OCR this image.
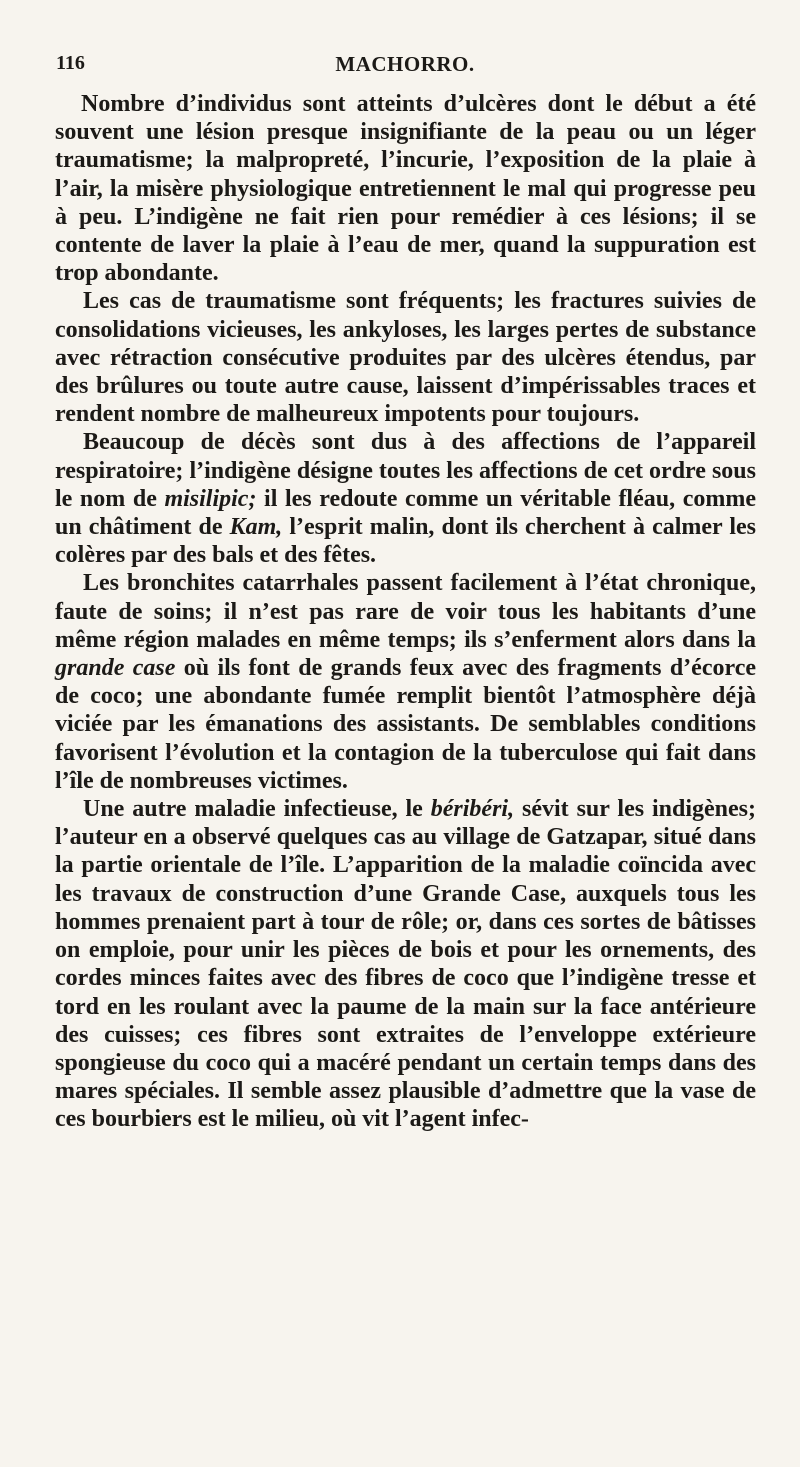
116	MACHORRO.

Nombre d’individus sont atteints d’ulcères dont le début a été souvent une lésion presque insignifiante de la peau ou un léger traumatisme; la malpropreté, l’incurie, l’exposition de la plaie à l’air, la misère physiologique entretiennent le mal qui progresse peu à peu. L’indigène ne fait rien pour remédier à ces lésions; il se contente de laver la plaie à l’eau de mer, quand la suppuration est trop abondante.

Les cas de traumatisme sont fréquents; les fractures suivies de consolidations vicieuses, les ankyloses, les larges pertes de substance avec rétraction consécutive produites par des ulcères étendus, par des brûlures ou toute autre cause, laissent d’impérissables traces et rendent nombre de malheureux impotents pour toujours.

Beaucoup de décès sont dus à des affections de l’appareil respiratoire; l’indigène désigne toutes les affections de cet ordre sous le nom de misilipic; il les redoute comme un véritable fléau, comme un châtiment de Kam, l’esprit malin, dont ils cherchent à calmer les colères par des bals et des fêtes.

Les bronchites catarrhales passent facilement à l’état chronique, faute de soins; il n’est pas rare de voir tous les habitants d’une même région malades en même temps; ils s’enferment alors dans la grande case où ils font de grands feux avec des fragments d’écorce de coco; une abondante fumée remplit bientôt l’atmosphère déjà viciée par les émanations des assistants. De semblables conditions favorisent l’évolution et la contagion de la tuberculose qui fait dans l’île de nombreuses victimes.

Une autre maladie infectieuse, le béribéri, sévit sur les indigènes; l’auteur en a observé quelques cas au village de Gatzapar, situé dans la partie orientale de l’île. L’apparition de la maladie coïncida avec les travaux de construction d’une Grande Case, auxquels tous les hommes prenaient part à tour de rôle; or, dans ces sortes de bâtisses on emploie, pour unir les pièces de bois et pour les ornements, des cordes minces faites avec des fibres de coco que l’indigène tresse et tord en les roulant avec la paume de la main sur la face antérieure des cuisses; ces fibres sont extraites de l’enveloppe extérieure spongieuse du coco qui a macéré pendant un certain temps dans des mares spéciales. Il semble assez plausible d’admettre que la vase de ces bourbiers est le milieu, où vit l’agent infec-
